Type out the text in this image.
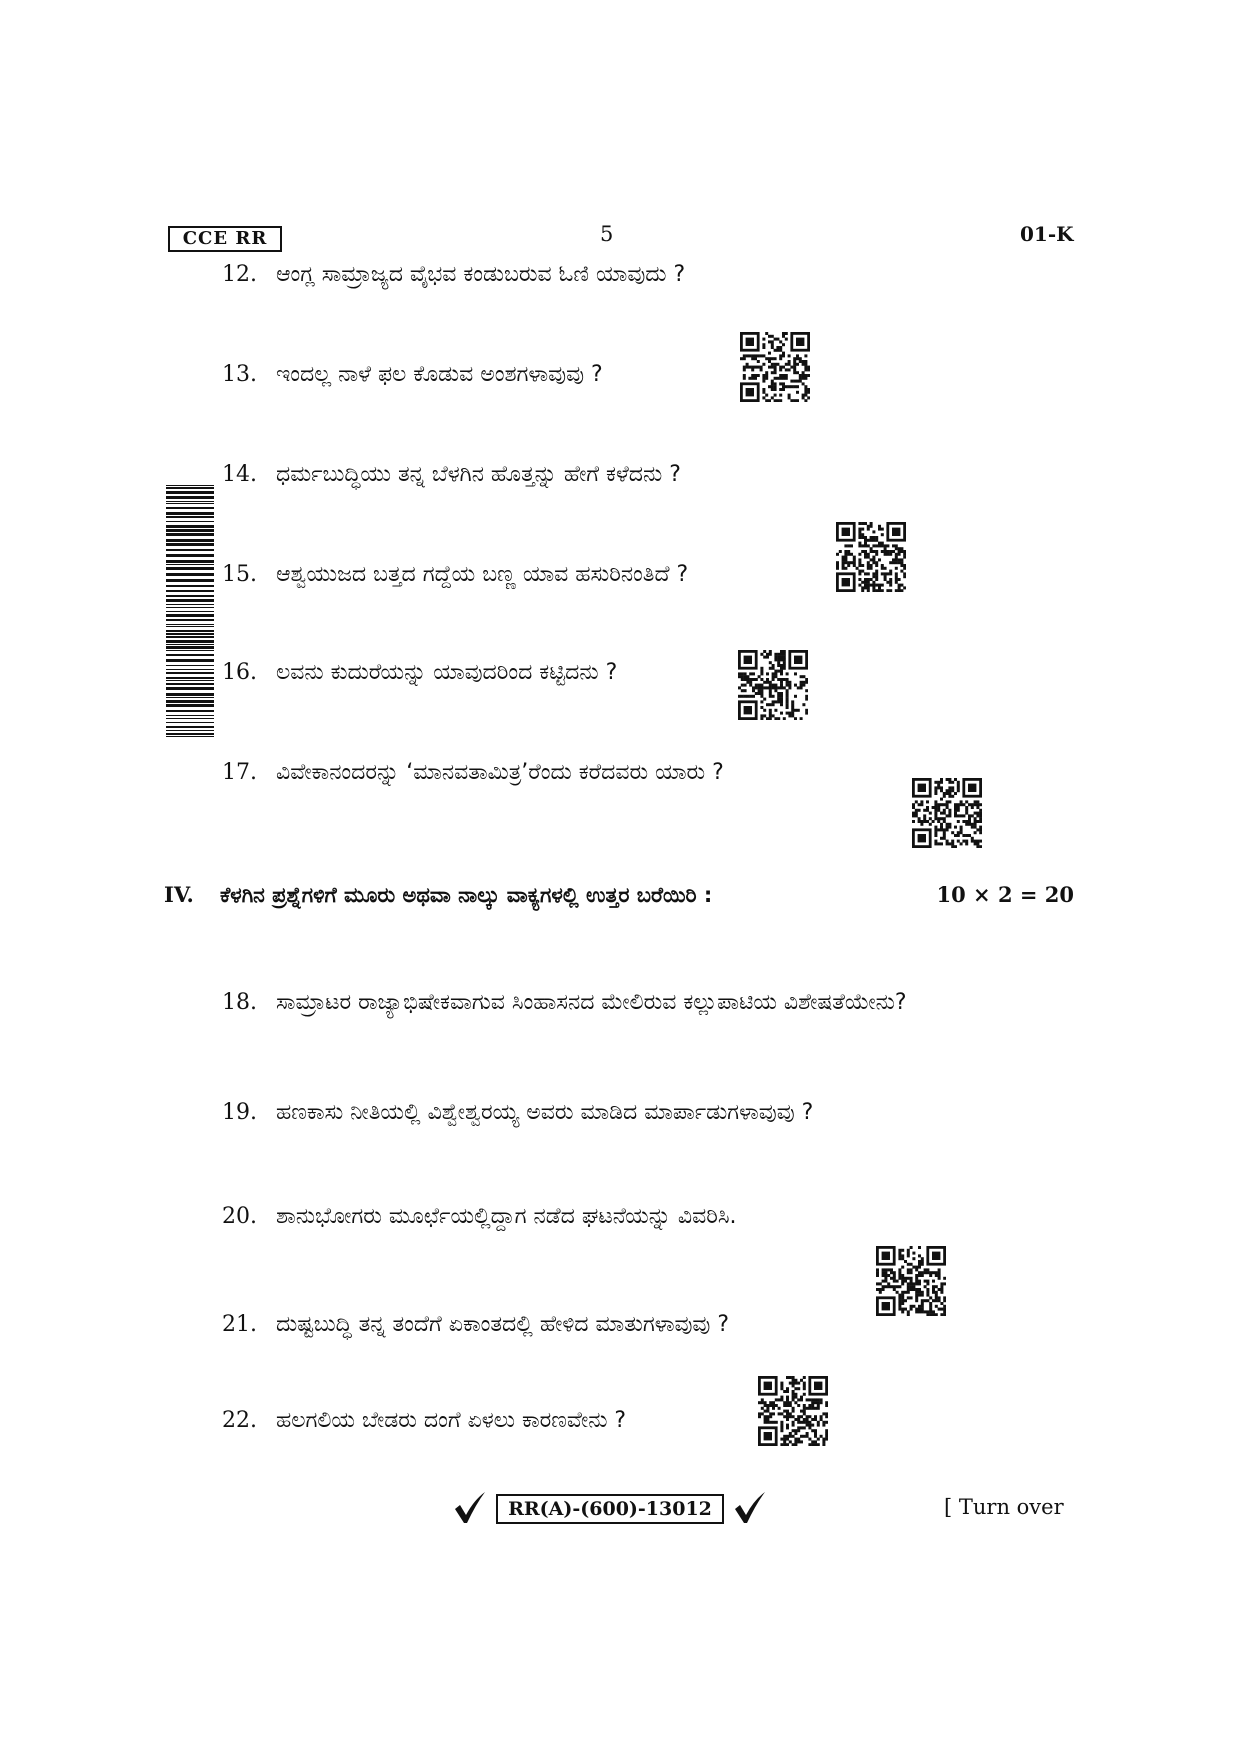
CCE RR	5	01-K
12. ಆಂಗ್ಲ ಸಾಮ್ರಾಜ್ಯದ ವೈಭವ ಕಂಡುಬರುವ ಓಣಿ ಯಾವುದು ?
13. ಇಂದಲ್ಲ ನಾಳೆ ಫಲ ಕೊಡುವ ಅಂಶಗಳಾವುವು ?
14. ಧರ್ಮಬುದ್ಧಿಯು ತನ್ನ ಬೆಳಗಿನ ಹೊತ್ತನ್ನು ಹೇಗೆ ಕಳೆದನು ?
15. ಆಶ್ವಯುಜದ ಬತ್ತದ ಗದ್ದೆಯ ಬಣ್ಣ ಯಾವ ಹಸುರಿನಂತಿದೆ ?
16. ಲವನು ಕುದುರೆಯನ್ನು ಯಾವುದರಿಂದ ಕಟ್ಟಿದನು ?
17. ವಿವೇಕಾನಂದರನ್ನು ‘ಮಾನವತಾಮಿತ್ರ’ರೆಂದು ಕರೆದವರು ಯಾರು ?
IV. ಕೆಳಗಿನ ಪ್ರಶ್ನೆಗಳಿಗೆ ಮೂರು ಅಥವಾ ನಾಲ್ಕು ವಾಕ್ಯಗಳಲ್ಲಿ ಉತ್ತರ ಬರೆಯಿರಿ :	10 × 2 = 20
18. ಸಾಮ್ರಾಟರ ರಾಜ್ಯಾಭಿಷೇಕವಾಗುವ ಸಿಂಹಾಸನದ ಮೇಲಿರುವ ಕಲ್ಲುಪಾಟಿಯ ವಿಶೇಷತೆಯೇನು?
19. ಹಣಕಾಸು ನೀತಿಯಲ್ಲಿ ವಿಶ್ವೇಶ್ವರಯ್ಯ ಅವರು ಮಾಡಿದ ಮಾರ್ಪಾಡುಗಳಾವುವು ?
20. ಶಾನುಭೋಗರು ಮೂರ್ಛೆಯಲ್ಲಿದ್ದಾಗ ನಡೆದ ಘಟನೆಯನ್ನು ವಿವರಿಸಿ.
21. ದುಷ್ಟಬುದ್ಧಿ ತನ್ನ ತಂದೆಗೆ ಏಕಾಂತದಲ್ಲಿ ಹೇಳಿದ ಮಾತುಗಳಾವುವು ?
22. ಹಲಗಲಿಯ ಬೇಡರು ದಂಗೆ ಏಳಲು ಕಾರಣವೇನು ?
RR(A)-(600)-13012	[ Turn over
